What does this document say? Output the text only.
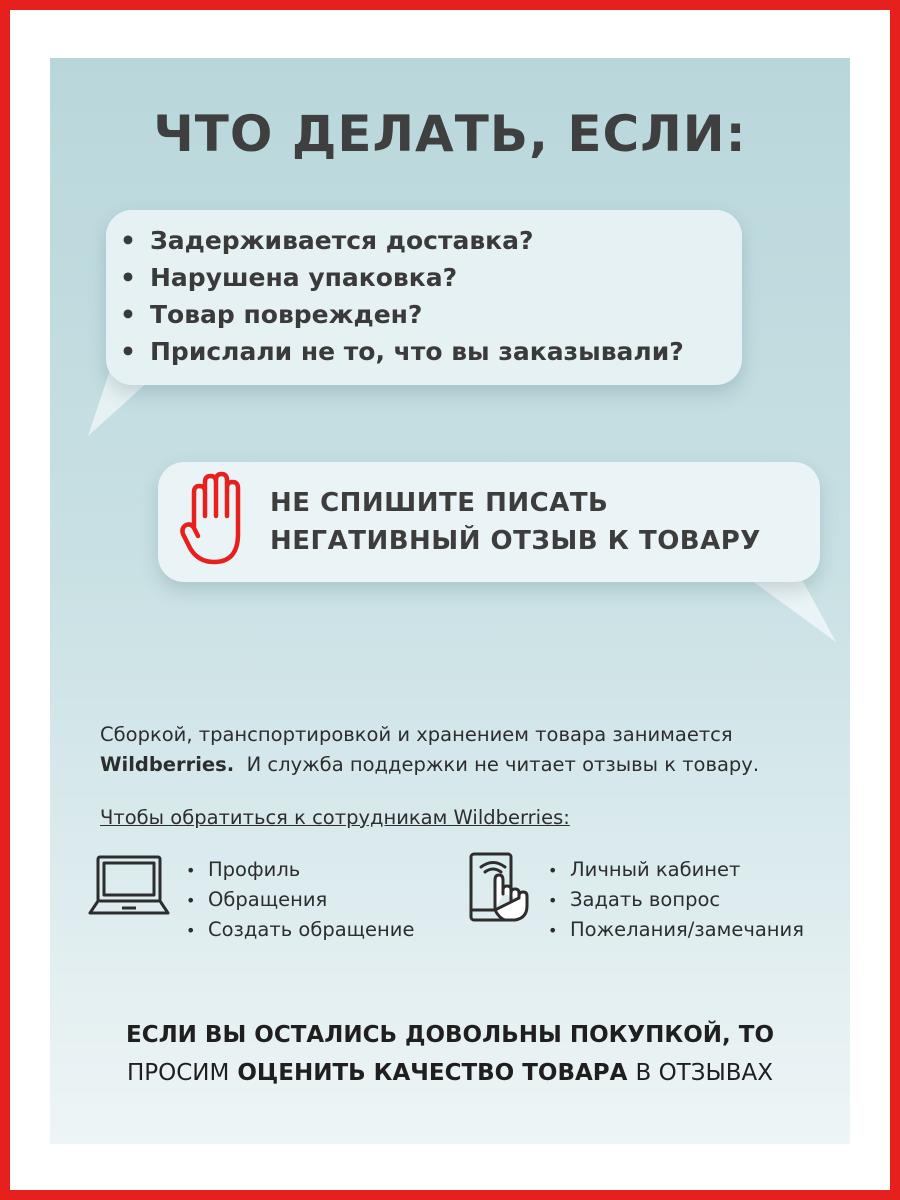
ЧТО ДЕЛАТЬ, ЕСЛИ:
• Задерживается доставка?
• Нарушена упаковка?
• Товар поврежден?
• Прислали не то, что вы заказывали?
НЕ СПИШИТЕ ПИСАТЬ
НЕГАТИВНЫЙ ОТЗЫВ К ТОВАРУ
Сборкой, транспортировкой и хранением товара занимается
Wildberries. И служба поддержки не читает отзывы к товару.
Чтобы обратиться к сотрудникам Wildberries:
• Профиль
• Обращения
• Создать обращение
• Личный кабинет
• Задать вопрос
• Пожелания/замечания
ЕСЛИ ВЫ ОСТАЛИСЬ ДОВОЛЬНЫ ПОКУПКОЙ, ТО
ПРОСИМ ОЦЕНИТЬ КАЧЕСТВО ТОВАРА В ОТЗЫВАХ
